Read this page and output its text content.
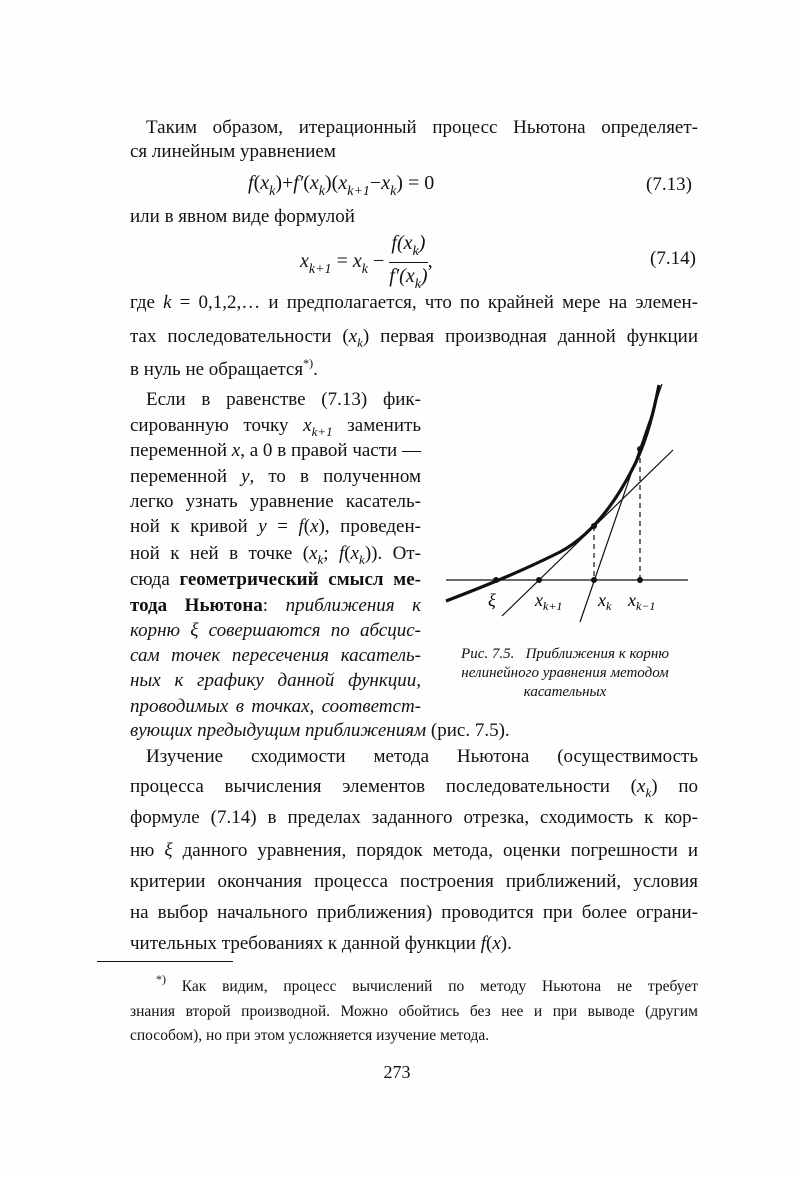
Таким образом, итерационный процесс Ньютона определяет-
ся линейным уравнением
или в явном виде формулой
где k = 0,1,2,… и предполагается, что по крайней мере на элемен-
тах последовательности $(x_k)$ первая производная данной функции
в нуль не обращается*).
Если в равенстве (7.13) фик-
сированную точку $x_{k+1}$ заменить
переменной x, а 0 в правой части —
переменной y, то в полученном
легко узнать уравнение касатель-
ной к кривой y = f(x), проведен-
ной к ней в точке ($x_k$; $f(x_k)$). От-
сюда геометрический смысл ме-
тода Ньютона: приближения к
корню ξ совершаются по абсцис-
сам точек пересечения касатель-
ных к графику данной функции,
проводимых в точках, соответст-
вующих предыдущим приближениям (рис. 7.5).
Изучение сходимости метода Ньютона (осуществимость
процесса вычисления элементов последовательности $(x_k)$ по
формуле (7.14) в пределах заданного отрезка, сходимость к кор-
ню ξ данного уравнения, порядок метода, оценки погрешности и
критерии окончания процесса построения приближений, условия
на выбор начального приближения) проводится при более ограни-
чительных требованиях к данной функции f(x).
$f(x_k)+f'(x_k)(x_{k+1}-x_k) = 0$	(7.13)
$x_{k+1} = x_k - \frac{f(x_k)}{f'(x_k)}$ ,	(7.14)
ξ $x_{k+1}$ $x_k$ $x_{k-1}$
Рис. 7.5.   Приближения к корню
нелинейного уравнения методом
касательных
*) Как видим, процесс вычислений по методу Ньютона не требует
знания второй производной. Можно обойтись без нее и при выводе (другим
способом), но при этом усложняется изучение метода.
273
